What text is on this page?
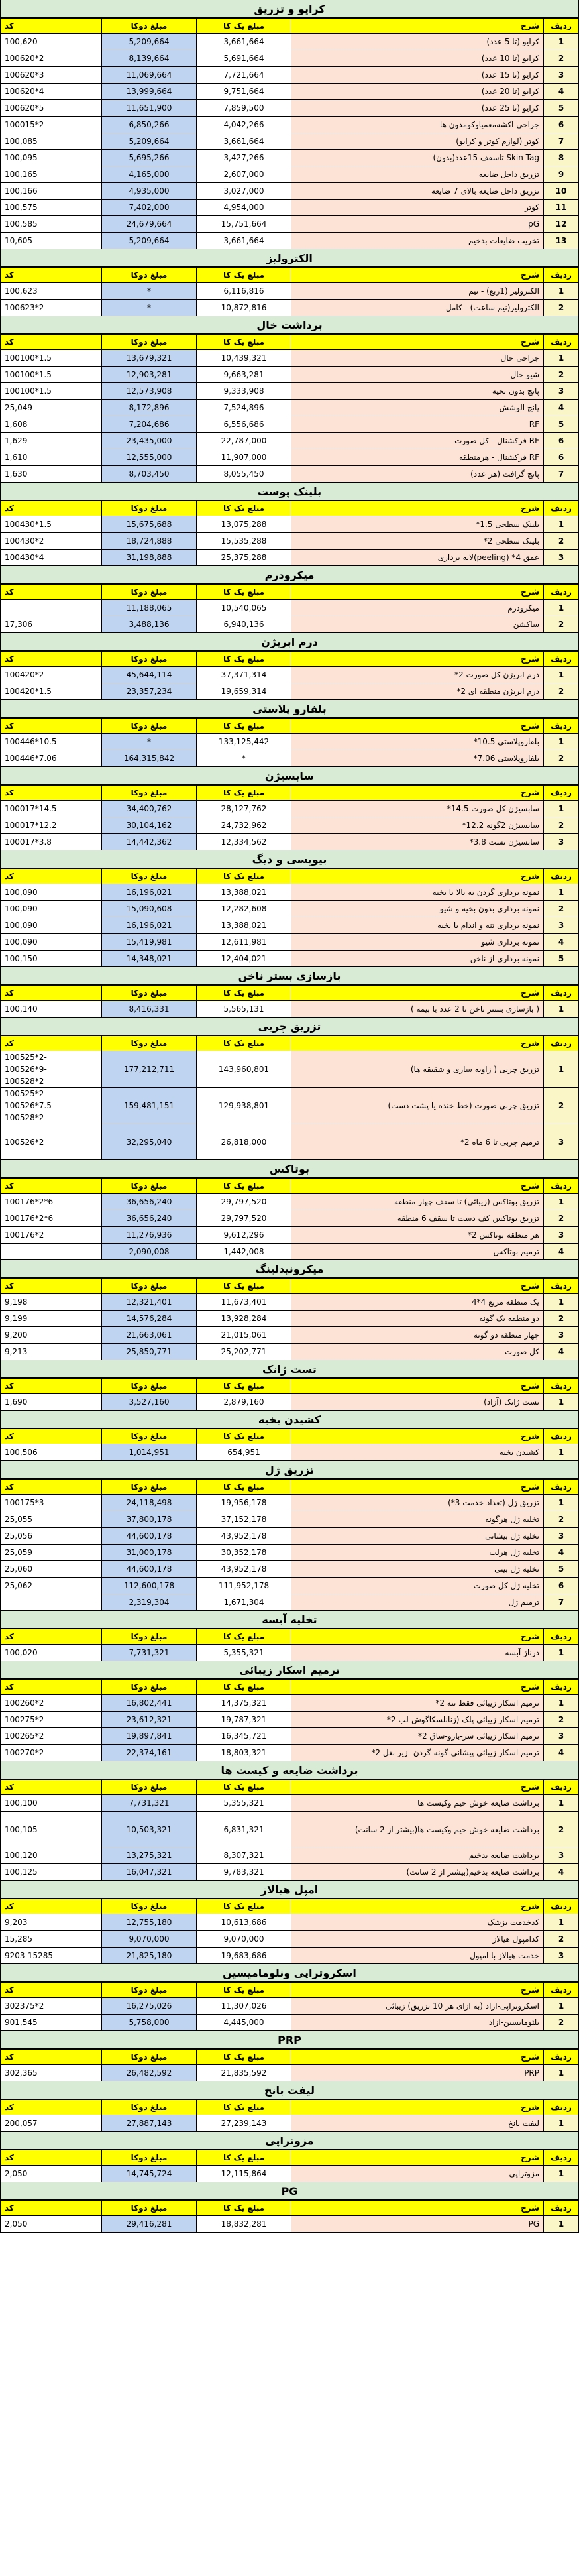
کرایو و تزریق
کد	مبلغ دوکا	مبلغ یک کا	شرح	ردیف
100,620	5,209,664	3,661,664	کرایو (تا 5 عدد)	1
100620*2	8,139,664	5,691,664	کرایو (تا 10 عدد)	2
100620*3	11,069,664	7,721,664	کرایو (تا 15 عدد)	3
100620*4	13,999,664	9,751,664	کرایو (تا 20 عدد)	4
100620*5	11,651,900	7,859,500	کرایو (تا 25 عدد)	5
100015*2	6,850,266	4,042,266	جراحی اکشه‌معمیا‌و‌کومدون ها	6
100,085	5,209,664	3,661,664	کوتر (لوازم کوتر و کرایو)	7
100,095	5,695,266	3,427,266	Skin Tag تاسقف 15عدد(بدون)	8
100,165	4,165,000	2,607,000	تزریق داخل ضایعه	9
100,166	4,935,000	3,027,000	تزریق داخل ضایعه بالای 7 ضایعه	10
100,575	7,402,000	4,954,000	کوتر	11
100,585	24,679,664	15,751,664	pG	12
10,605	5,209,664	3,661,664	تخریب ضایعات بدخیم	13
الکترولیز
کد	مبلغ دوکا	مبلغ یک کا	شرح	ردیف
100,623	*	6,116,816	الکترولیز (1ربع) - نیم	1
100623*2	*	10,872,816	الکترولیز(نیم ساعت) - کامل	2
برداشت خال
کد	مبلغ دوکا	مبلغ یک کا	شرح	ردیف
100100*1.5	13,679,321	10,439,321	جراحی خال	1
100100*1.5	12,903,281	9,663,281	شیو خال	2
100100*1.5	12,573,908	9,333,908	پانچ بدون بخیه	3
25,049	8,172,896	7,524,896	پانچ الوشش	4
1,608	7,204,686	6,556,686	RF	5
1,629	23,435,000	22,787,000	RF فرکشنال - کل صورت	6
1,610	12,555,000	11,907,000	RF فرکشنال - هرمنطقه	6
1,630	8,703,450	8,055,450	پانچ گرافت (هر عدد)	7
بلینک پوست
کد	مبلغ دوکا	مبلغ یک کا	شرح	ردیف
100430*1.5	15,675,688	13,075,288	بلینک سطحی 1.5*	1
100430*2	18,724,888	15,535,288	بلینک سطحی 2*	2
100430*4	31,198,888	25,375,288	عمق 4* (peeling)لایه برداری	3
میکرودرم
کد	مبلغ دوکا	مبلغ یک کا	شرح	ردیف
	11,188,065	10,540,065	میکرودرم	1
17,306	3,488,136	6,940,136	ساکشن	2
درم ابریژن
کد	مبلغ دوکا	مبلغ یک کا	شرح	ردیف
100420*2	45,644,114	37,371,314	درم ابریژن کل صورت 2*	1
100420*1.5	23,357,234	19,659,314	درم ابریژن منطقه ای 2*	2
بلفارو پلاستی
کد	مبلغ دوکا	مبلغ یک کا	شرح	ردیف
100446*10.5	*	133,125,442	بلفاروپلاستی 10.5*	1
100446*7.06	164,315,842	*	بلفاروپلاستی 7.06*	2
سابسیژن
کد	مبلغ دوکا	مبلغ یک کا	شرح	ردیف
100017*14.5	34,400,762	28,127,762	سابسیژن کل صورت 14.5*	1
100017*12.2	30,104,162	24,732,962	سابسیژن 2گونه 12.2*	2
100017*3.8	14,442,362	12,334,562	سابسیژن تست 3.8*	3
بیوپسی و دیگ
کد	مبلغ دوکا	مبلغ یک کا	شرح	ردیف
100,090	16,196,021	13,388,021	نمونه برداری گردن به بالا با بخیه	1
100,090	15,090,608	12,282,608	نمونه برداری بدون بخیه و شیو	2
100,090	16,196,021	13,388,021	نمونه برداری تنه و اندام با بخیه	3
100,090	15,419,981	12,611,981	نمونه برداری شیو	4
100,150	14,348,021	12,404,021	نمونه برداری از ناخن	5
بازسازی بستر ناخن
کد	مبلغ دوکا	مبلغ یک کا	شرح	ردیف
100,140	8,416,331	5,565,131	( بازسازی بستر ناخن تا 2 عدد با بیمه )	1
تزریق چربی
کد	مبلغ دوکا	مبلغ یک کا	شرح	ردیف
100525*2-
100526*9-
100528*2	177,212,711	143,960,801	تزریق چربی ( زاویه سازی و شقیقه ها)	1
100525*2-
100526*7.5-
100528*2	159,481,151	129,938,801	تزریق چربی صورت (خط خنده یا پشت دست)	2
100526*2	32,295,040	26,818,000	ترمیم چربی تا 6 ماه 2*	3
بوتاکس
کد	مبلغ دوکا	مبلغ یک کا	شرح	ردیف
100176*2*6	36,656,240	29,797,520	تزریق بوتاکس (زیبائی) تا سقف چهار منطقه	1
100176*2*6	36,656,240	29,797,520	تزریق بوتاکس کف دست تا سقف 6 منطقه	2
100176*2	11,276,936	9,612,296	هر منطقه بوتاکس 2*	3
	2,090,008	1,442,008	ترمیم بوتاکس	4
میکرونیدلینگ
کد	مبلغ دوکا	مبلغ یک کا	شرح	ردیف
9,198	12,321,401	11,673,401	یک منطقه مربع 4*4	1
9,199	14,576,284	13,928,284	دو منطقه یک گونه	2
9,200	21,663,061	21,015,061	چهار منطقه دو گونه	3
9,213	25,850,771	25,202,771	کل صورت	4
تست ژانک
کد	مبلغ دوکا	مبلغ یک کا	شرح	ردیف
1,690	3,527,160	2,879,160	تست ژانک (آزاد)	1
کشیدن بخیه
کد	مبلغ دوکا	مبلغ یک کا	شرح	ردیف
100,506	1,014,951	654,951	کشیدن بخیه	1
تزریق ژل
کد	مبلغ دوکا	مبلغ یک کا	شرح	ردیف
100175*3	24,118,498	19,956,178	تزریق ژل (تعداد خدمت 3*)	1
25,055	37,800,178	37,152,178	تخلیه ژل هرگونه	2
25,056	44,600,178	43,952,178	تخلیه ژل بیشانی	3
25,059	31,000,178	30,352,178	تخلیه ژل هرلب	4
25,060	44,600,178	43,952,178	تخلیه ژل بینی	5
25,062	112,600,178	111,952,178	تخلیه ژل کل صورت	6
	2,319,304	1,671,304	ترمیم ژل	7
تخلیه آبسه
کد	مبلغ دوکا	مبلغ یک کا	شرح	ردیف
100,020	7,731,321	5,355,321	درناژ آبسه	1
ترمیم اسکار زیبائی
کد	مبلغ دوکا	مبلغ یک کا	شرح	ردیف
100260*2	16,802,441	14,375,321	ترمیم اسکار زیبائی فقط تنه 2*	1
100275*2	23,612,321	19,787,321	ترمیم اسکار زیبائی پلک (زنانلسکاگوش-لب 2*	2
100265*2	19,897,841	16,345,721	ترمیم اسکار زیبائی سر-بازو-ساق 2*	3
100270*2	22,374,161	18,803,321	ترمیم اسکار زیبائی پیشانی-گونه-گردن -زیر بغل 2*	4
برداشت ضایعه و کیست ها
کد	مبلغ دوکا	مبلغ یک کا	شرح	ردیف
100,100	7,731,321	5,355,321	برداشت ضایعه خوش خیم وکیست ها	1
100,105	10,503,321	6,831,321	برداشت ضایعه خوش خیم وکیست ها(بیشتر از 2 سانت)	2
100,120	13,275,321	8,307,321	برداشت ضایعه بدخیم	3
100,125	16,047,321	9,783,321	برداشت ضایعه بدخیم(بیشتر از 2 سانت)	4
امپل هیالاز
کد	مبلغ دوکا	مبلغ یک کا	شرح	ردیف
9,203	12,755,180	10,613,686	کدخدمت بزشک	1
15,285	9,070,000	9,070,000	کدامپول هیالاز	2
9203-15285	21,825,180	19,683,686	خدمت هیالاز با امپول	3
اسکروتراپی ونلومامیسین
کد	مبلغ دوکا	مبلغ یک کا	شرح	ردیف
302375*2	16,275,026	11,307,026	اسکروتراپی-ازاد (به ازای هر 10 تزریق) زیبائی	1
901,545	5,758,000	4,445,000	بلئومایسین-ازاد	2
PRP
کد	مبلغ دوکا	مبلغ یک کا	شرح	ردیف
302,365	26,482,592	21,835,592	PRP	1
لیفت بانخ
کد	مبلغ دوکا	مبلغ یک کا	شرح	ردیف
200,057	27,887,143	27,239,143	لیفت بانخ	1
مزوتراپی
کد	مبلغ دوکا	مبلغ یک کا	شرح	ردیف
2,050	14,745,724	12,115,864	مزوتراپی	1
PG
کد	مبلغ دوکا	مبلغ یک کا	شرح	ردیف
2,050	29,416,281	18,832,281	PG	1
